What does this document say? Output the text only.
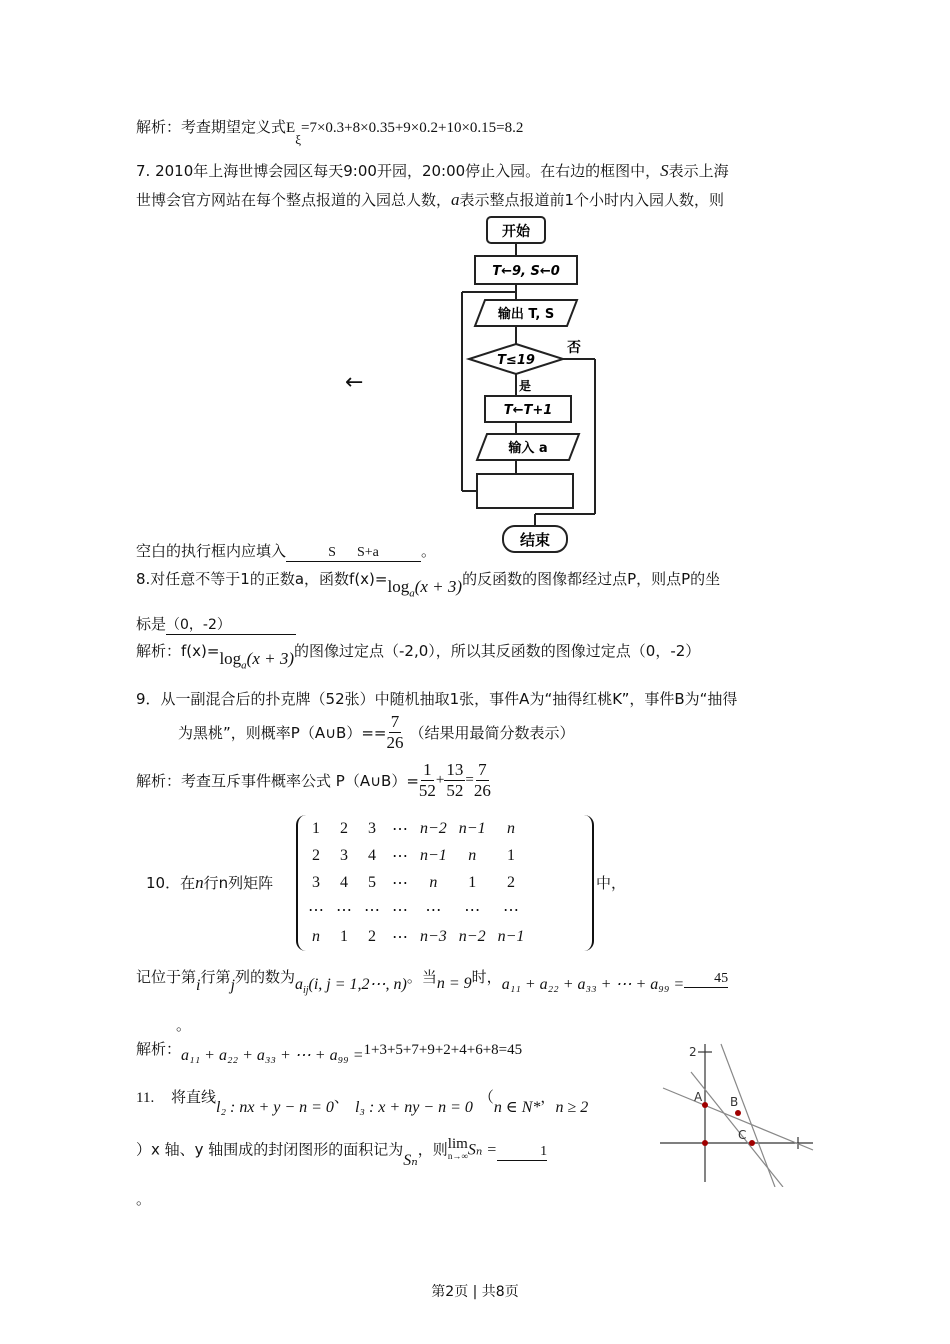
解析：考查期望定义式$E_\xi=7\times 0.3+8\times 0.35+9\times 0.2+10\times 0.15=8.2$
7. 2010年上海世博会园区每天9:00开园，20:00停止入园。在右边的框图中，S表示上海
世博会官方网站在每个整点报道的入园总人数，a表示整点报道前1个小时内入园人数，则
←
开始
T←9, S←0
输出 T, S
T≤19
否
是
T←T+1
输入 a
结束
空白的执行框内应填入	S      S+a	。
8.对任意不等于1的正数a，函数$f(x)=\log_a(x + 3)$的反函数的图像都经过点P，则点P的坐
标是（0，-2）
解析：$f(x)=\log_a(x + 3)$的图像过定点（-2,0），所以其反函数的图像过定点（0，-2）
9．从一副混合后的扑克牌（52张）中随机抽取1张，事件A为“抽得红桃K”，事件B为“抽得
为黑桃”，则概率P（A∪B）== $\frac{7}{26}$ （结果用最简分数表示）
解析：考查互斥事件概率公式 P（A∪B）= $\frac{1}{52} + \frac{13}{52} = \frac{7}{26}$
10．在n行n列矩阵
1	2	3	⋯	n−2	n−1	n
2	3	4	⋯	n−1	n	1
3	4	5	⋯	n	1	2
⋯	⋯	⋯	⋯	⋯	⋯	⋯
n	1	2	⋯	n−3	n−2	n−1
中，
记位于第i行第j列的数为$a_{ij}(i$, j = 1,2⋯, n)。当n = 9时，a₁₁ + a₂₂ + a₃₃ + ⋯ + a₉₉ = 45
。
解析：a₁₁ + a₂₂ + a₃₃ + ⋯ + a₉₉ =1+3+5+7+9+2+4+6+8=45
11. 将直线l₂ : nx + y − n = 0、l₃ : x + ny − n = 0（n ∈ N*，n ≥ 2
）x 轴、y 轴围成的封闭图形的面积记为Sₙ，则 lim
n→∞ Sₙ =	1
。
2
A B
C
第2页 | 共8页
